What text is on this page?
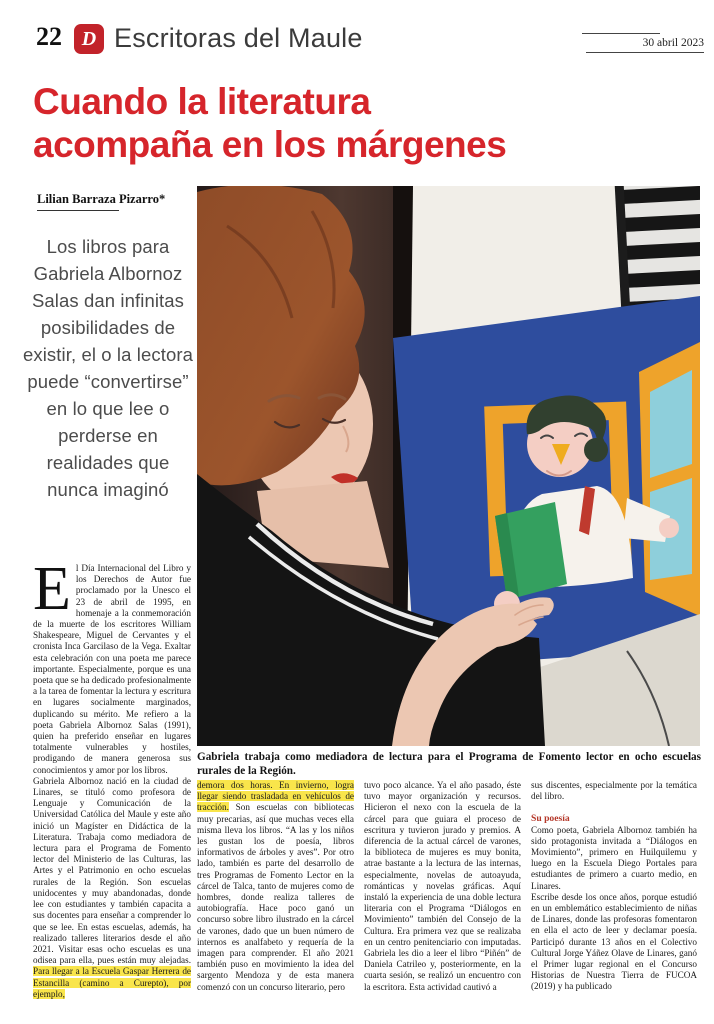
22 D Escritoras del Maule	30 abril 2023
Cuando la literatura
acompaña en los márgenes
Lilian Barraza Pizarro*
Los libros para Gabriela Albornoz Salas dan infinitas posibilidades de existir, el o la lectora puede “convertirse” en lo que lee o perderse en realidades que nunca imaginó
Gabriela trabaja como mediadora de lectura para el Programa de Fomento lector en ocho escuelas rurales de la Región.

El Día Internacional del Libro y los Derechos de Autor fue proclamado por la Unesco el 23 de abril de 1995, en homenaje a la conmemoración de la muerte de los escritores William Shakespeare, Miguel de Cervantes y el cronista Inca Garcilaso de la Vega. Exaltar esta celebración con una poeta me parece importante. Especialmente, porque es una poeta que se ha dedicado profesionalmente a la tarea de fomentar la lectura y escritura en lugares socialmente marginados, duplicando su mérito. Me refiero a la poeta Gabriela Albornoz Salas (1991), quien ha preferido enseñar en lugares totalmente vulnerables y hostiles, prodigando de manera generosa sus conocimientos y amor por los libros.

Gabriela Albornoz nació en la ciudad de Linares, se tituló como profesora de Lenguaje y Comunicación de la Universidad Católica del Maule y este año inició un Magíster en Didáctica de la Literatura. Trabaja como mediadora de lectura para el Programa de Fomento lector del Ministerio de las Culturas, las Artes y el Patrimonio en ocho escuelas rurales de la Región. Son escuelas unidocentes y muy abandonadas, donde lee con estudiantes y también capacita a sus docentes para enseñar a comprender lo que se lee. En estas escuelas, además, ha realizado talleres literarios desde el año 2021. Visitar esas ocho escuelas es una odisea para ella, pues están muy alejadas. Para llegar a la Escuela Gaspar Herrera de Estancilla (camino a Curepto), por ejemplo,

demora dos horas. En invierno, logra llegar siendo trasladada en vehículos de tracción. Son escuelas con bibliotecas muy precarias, así que muchas veces ella misma lleva los libros. “A las y los niños les gustan los de poesía, libros informativos de árboles y aves”. Por otro lado, también es parte del desarrollo de tres Programas de Fomento Lector en la cárcel de Talca, tanto de mujeres como de hombres, donde realiza talleres de autobiografía. Hace poco ganó un concurso sobre libro ilustrado en la cárcel de varones, dado que un buen número de internos es analfabeto y requería de la imagen para comprender. El año 2021 también puso en movimiento la idea del sargento Mendoza y de esta manera comenzó con un concurso literario, pero

tuvo poco alcance. Ya el año pasado, éste tuvo mayor organización y recursos. Hicieron el nexo con la escuela de la cárcel para que guiara el proceso de escritura y tuvieron jurado y premios. A diferencia de la actual cárcel de varones, la biblioteca de mujeres es muy bonita, atrae bastante a la lectura de las internas, especialmente, novelas de autoayuda, románticas y novelas gráficas. Aquí instaló la experiencia de una doble lectura literaria con el Programa “Diálogos en Movimiento” también del Consejo de la Cultura. Era primera vez que se realizaba en un centro penitenciario con imputadas. Gabriela les dio a leer el libro “Piñén” de Daniela Catrileo y, posteriormente, en la cuarta sesión, se realizó un encuentro con la escritora. Esta actividad cautivó a

sus discentes, especialmente por la temática del libro.

Su poesía

Como poeta, Gabriela Albornoz también ha sido protagonista invitada a “Diálogos en Movimiento”, primero en Huilquilemu y luego en la Escuela Diego Portales para estudiantes de primero a cuarto medio, en Linares.

Escribe desde los once años, porque estudió en un emblemático establecimiento de niñas de Linares, donde las profesoras fomentaron en ella el acto de leer y declamar poesía. Participó durante 13 años en el Colectivo Cultural Jorge Yáñez Olave de Linares, ganó el Primer lugar regional en el Concurso Historias de Nuestra Tierra de FUCOA (2019) y ha publicado
